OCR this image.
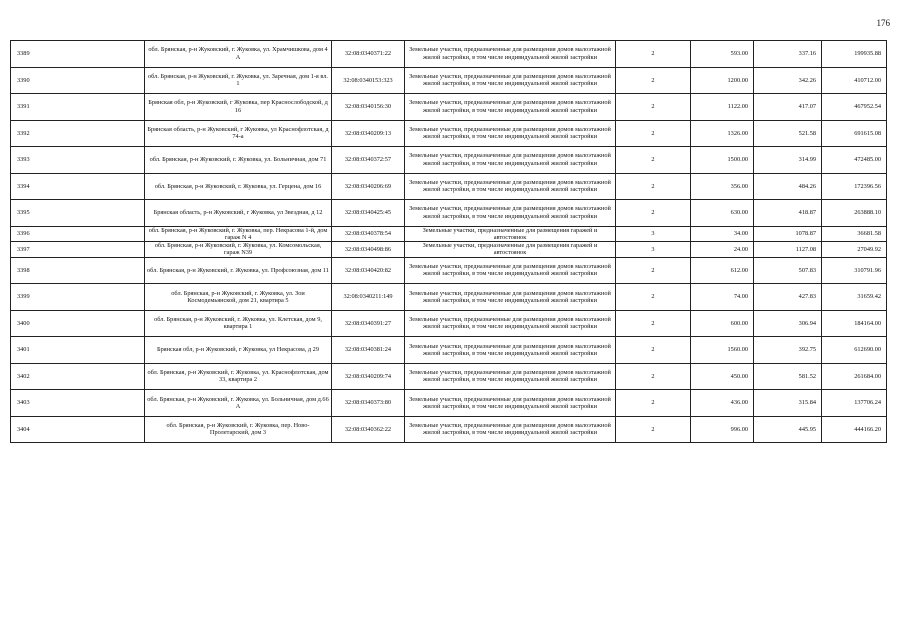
176
3389	обл. Брянская, р-н Жуковский, г. Жуковка, ул. Храмчишкова, дом 4 А	32:08:0340371:22	Земельные участки, предназначенные для размещения домов малоэтажной жилой застройки, в том числе индивидуальной жилой застройки	2	593.00	337.16	199935.88
3390	обл. Брянская, р-н Жуковский, г. Жуковка, ул. Заречная, дом 1-я вл. 1	32:08:0340153:323	Земельные участки, предназначенные для размещения домов малоэтажной жилой застройки, в том числе индивидуальной жилой застройки	2	1200.00	342.26	410712.00
3391	Брянская обл, р-н Жуковский, г Жуковка, пер Краснослободской, д 16	32:08:0340156:30	Земельные участки, предназначенные для размещения домов малоэтажной жилой застройки, в том числе индивидуальной жилой застройки	2	1122.00	417.07	467952.54
3392	Брянская область, р-н Жуковский, г Жуковка, ул Краснофлотская, д 74-а	32:08:0340209:13	Земельные участки, предназначенные для размещения домов малоэтажной жилой застройки, в том числе индивидуальной жилой застройки	2	1326.00	521.58	691615.08
3393	обл. Брянская, р-н Жуковский, г. Жуковка, ул. Больничная, дом 71	32:08:0340372:57	Земельные участки, предназначенные для размещения домов малоэтажной жилой застройки, в том числе индивидуальной жилой застройки	2	1500.00	314.99	472485.00
3394	обл. Брянская, р-н Жуковский, г. Жуковка, ул. Герцена, дом 16	32:08:0340206:69	Земельные участки, предназначенные для размещения домов малоэтажной жилой застройки, в том числе индивидуальной жилой застройки	2	356.00	484.26	172396.56
3395	Брянская область, р-н Жуковский, г Жуковка, ул Звездная, д 12	32:08:0340425:45	Земельные участки, предназначенные для размещения домов малоэтажной жилой застройки, в том числе индивидуальной жилой застройки	2	630.00	418.87	263888.10
3396	обл. Брянская, р-н Жуковский, г. Жуковка, пер. Некрасова 1-й, дом гараж N 4	32:08:0340378:54	Земельные участки, предназначенные для размещения гаражей и автостоянок	3	34.00	1078.87	36681.58
3397	обл. Брянская, р-н Жуковский, г. Жуковка, ул. Комсомольская, гараж N39	32:08:0340498:86	Земельные участки, предназначенные для размещения гаражей и автостоянок	3	24.00	1127.08	27049.92
3398	обл. Брянская, р-н Жуковский, г. Жуковка, ул. Профсоюзная, дом 11	32:08:0340420:82	Земельные участки, предназначенные для размещения домов малоэтажной жилой застройки, в том числе индивидуальной жилой застройки	2	612.00	507.83	310791.96
3399	обл. Брянская, р-н Жуковский, г. Жуковка, ул. Зои Космодемьянской, дом 21, квартира 5	32:08:0340211:149	Земельные участки, предназначенные для размещения домов малоэтажной жилой застройки, в том числе индивидуальной жилой застройки	2	74.00	427.83	31659.42
3400	обл. Брянская, р-н Жуковский, г. Жуковка, ул. Клетская, дом 9, квартира 1	32:08:0340391:27	Земельные участки, предназначенные для размещения домов малоэтажной жилой застройки, в том числе индивидуальной жилой застройки	2	600.00	306.94	184164.00
3401	Брянская обл, р-н Жуковский, г Жуковка, ул Некрасова, д 29	32:08:0340381:24	Земельные участки, предназначенные для размещения домов малоэтажной жилой застройки, в том числе индивидуальной жилой застройки	2	1560.00	392.75	612690.00
3402	обл. Брянская, р-н Жуковский, г. Жуковка, ул. Краснофлотская, дом 33, квартира 2	32:08:0340209:74	Земельные участки, предназначенные для размещения домов малоэтажной жилой застройки, в том числе индивидуальной жилой застройки	2	450.00	581.52	261684.00
3403	обл. Брянская, р-н Жуковский, г. Жуковка, ул. Больничная, дом д.66 А	32:08:0340373:80	Земельные участки, предназначенные для размещения домов малоэтажной жилой застройки, в том числе индивидуальной жилой застройки	2	436.00	315.84	137706.24
3404	обл. Брянская, р-н Жуковский, г. Жуковка, пер. Ново-Пролетарский, дом 3	32:08:0340362:22	Земельные участки, предназначенные для размещения домов малоэтажной жилой застройки, в том числе индивидуальной жилой застройки	2	996.00	445.95	444166.20
